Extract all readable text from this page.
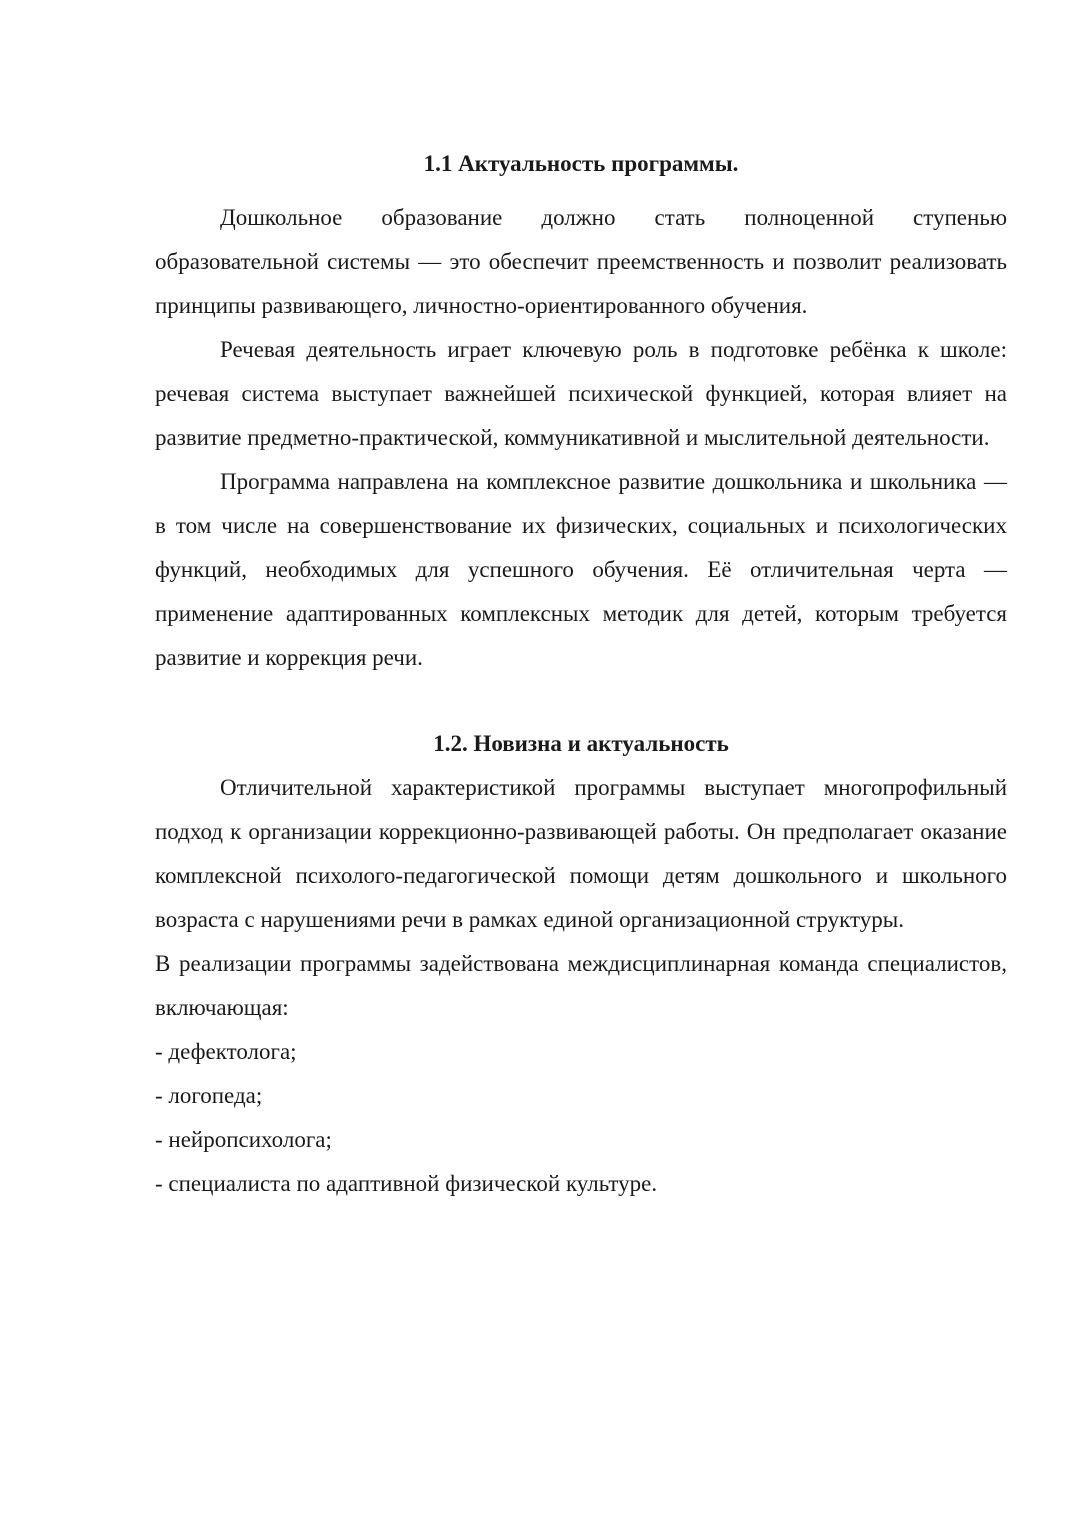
1.1 Актуальность программы.

Дошкольное образование должно стать полноценной ступенью образовательной системы — это обеспечит преемственность и позволит реализовать принципы развивающего, личностно-ориентированного обучения.

Речевая деятельность играет ключевую роль в подготовке ребёнка к школе: речевая система выступает важнейшей психической функцией, которая влияет на развитие предметно-практической, коммуникативной и мыслительной деятельности.

Программа направлена на комплексное развитие дошкольника и школьника — в том числе на совершенствование их физических, социальных и психологических функций, необходимых для успешного обучения. Её отличительная черта — применение адаптированных комплексных методик для детей, которым требуется развитие и коррекция речи.

1.2. Новизна и актуальность

Отличительной характеристикой программы выступает многопрофильный подход к организации коррекционно-развивающей работы. Он предполагает оказание комплексной психолого-педагогической помощи детям дошкольного и школьного возраста с нарушениями речи в рамках единой организационной структуры.

В реализации программы задействована междисциплинарная команда специалистов, включающая:

- дефектолога;
- логопеда;
- нейропсихолога;
- специалиста по адаптивной физической культуре.
